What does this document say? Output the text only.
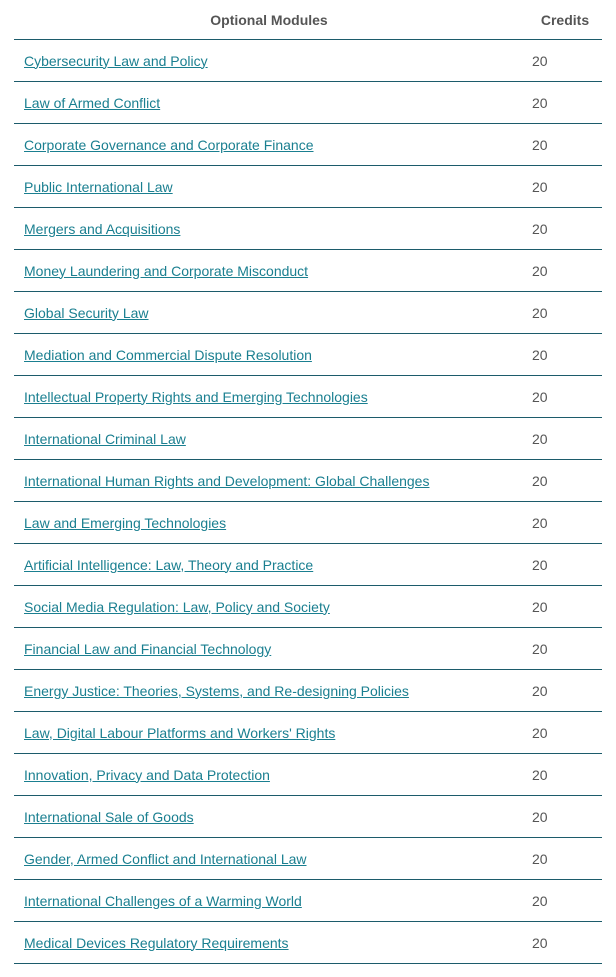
Optional Modules	Credits
Cybersecurity Law and Policy	20
Law of Armed Conflict	20
Corporate Governance and Corporate Finance	20
Public International Law	20
Mergers and Acquisitions	20
Money Laundering and Corporate Misconduct	20
Global Security Law	20
Mediation and Commercial Dispute Resolution	20
Intellectual Property Rights and Emerging Technologies	20
International Criminal Law	20
International Human Rights and Development: Global Challenges	20
Law and Emerging Technologies	20
Artificial Intelligence: Law, Theory and Practice	20
Social Media Regulation: Law, Policy and Society	20
Financial Law and Financial Technology	20
Energy Justice: Theories, Systems, and Re-designing Policies	20
Law, Digital Labour Platforms and Workers' Rights	20
Innovation, Privacy and Data Protection	20
International Sale of Goods	20
Gender, Armed Conflict and International Law	20
International Challenges of a Warming World	20
Medical Devices Regulatory Requirements	20
